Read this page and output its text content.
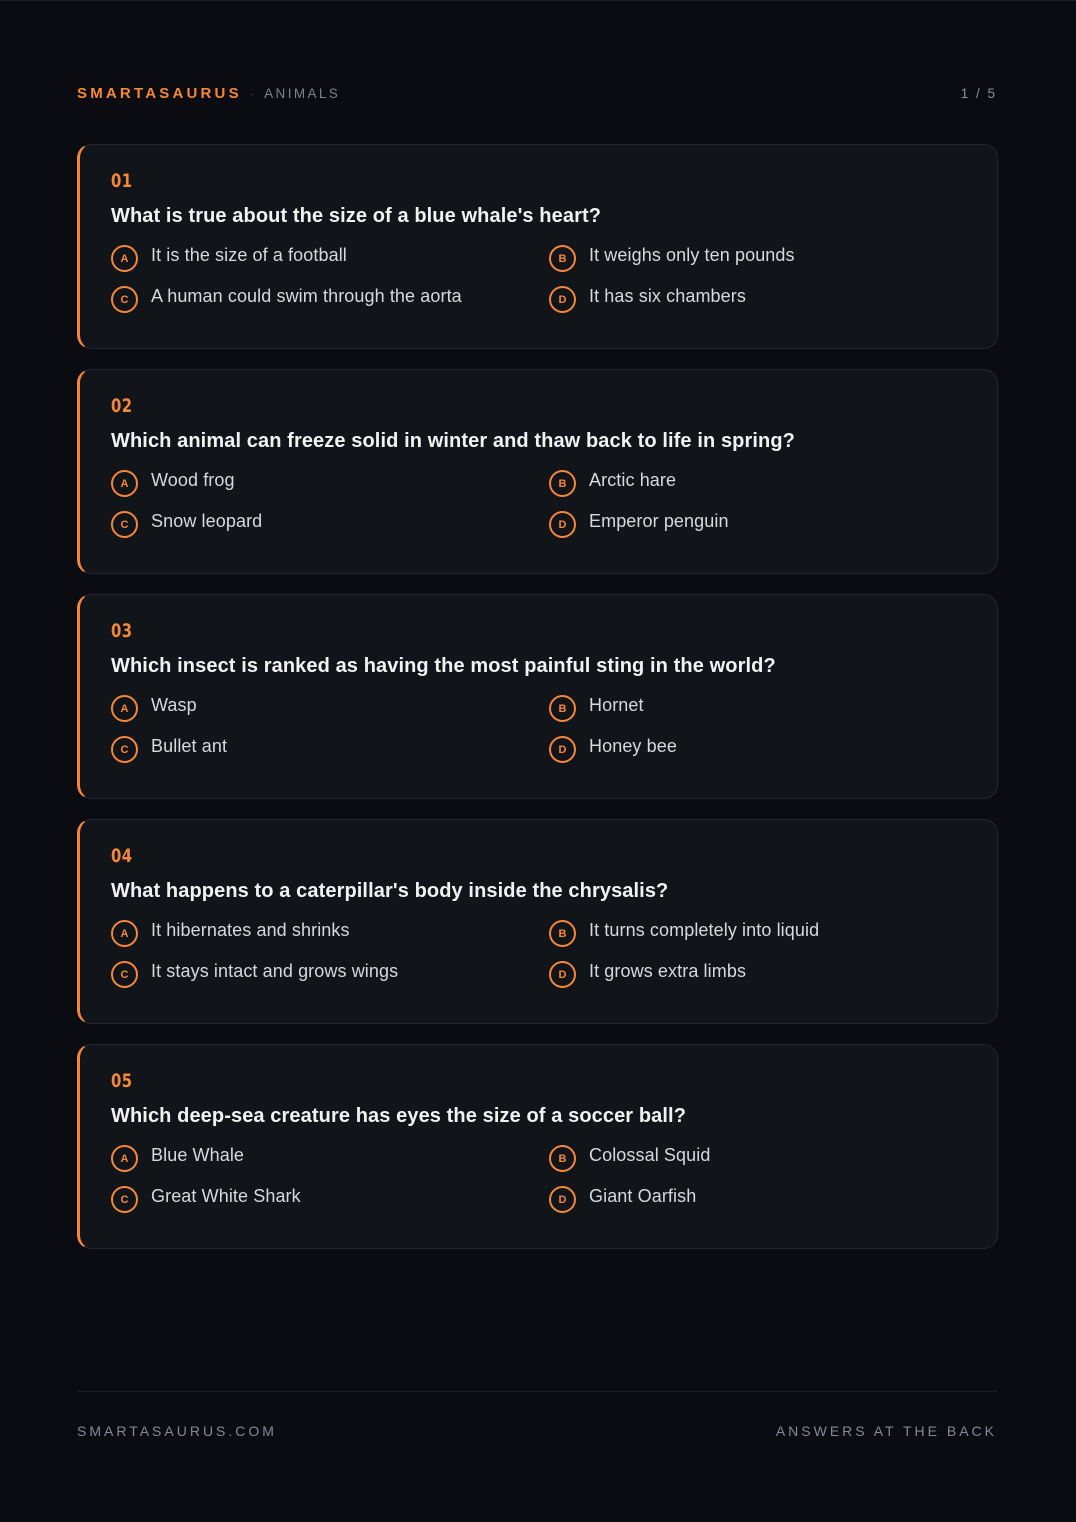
SMARTASAURUS · ANIMALS	1 / 5
01
What is true about the size of a blue whale's heart?
A	It is the size of a football	B	It weighs only ten pounds
C	A human could swim through the aorta	D	It has six chambers
02
Which animal can freeze solid in winter and thaw back to life in spring?
A	Wood frog	B	Arctic hare
C	Snow leopard	D	Emperor penguin
03
Which insect is ranked as having the most painful sting in the world?
A	Wasp	B	Hornet
C	Bullet ant	D	Honey bee
04
What happens to a caterpillar's body inside the chrysalis?
A	It hibernates and shrinks	B	It turns completely into liquid
C	It stays intact and grows wings	D	It grows extra limbs
05
Which deep-sea creature has eyes the size of a soccer ball?
A	Blue Whale	B	Colossal Squid
C	Great White Shark	D	Giant Oarfish
SMARTASAURUS.COM	ANSWERS AT THE BACK
